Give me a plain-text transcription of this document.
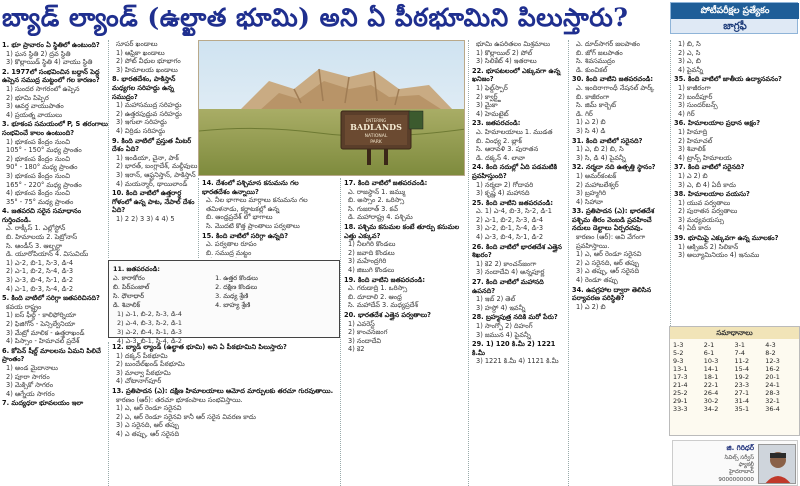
బ్యాడ్ ల్యాండ్ (ఉల్ఖాత భూమి) అని ఏ పీఠభూమిని పిలుస్తారు?	పోటీపరీక్షల ప్రత్యేకం
జాగ్రఫీ
1. భూ ప్రావారం ఏ స్థితిలో ఉంటుంది?
1) ఘన స్థితి 2) ద్రవ స్థితి
3) కొల్లాయిడ్ స్థితి 4) వాయు స్థితి
2. 1977లో సంభవించిన బద్దాన్ పెద్ద ఉప్పెన సముద్ర మట్టంలో గల కారణం?
1) సుందర సాగరంలో ఉప్పెన
2) భూమి పిప్పెర
3) ఆవర్త వాయుపాతం
4) ప్రయత్న వాయులు
3. భూకంప సమయంలో P, S తరంగాలు సంభవించే కాలం ఉంటుంది?
1) భూకంప కేంద్రం నుంచి
105° - 150° మధ్య ప్రాంతం
2) భూకంప కేంద్రం నుంచి
90° - 180° మధ్య ప్రాంతం
3) భూకంప కేంద్రం నుంచి
165° - 220° మధ్య ప్రాంతం
4) భూకంప కేంద్రం నుంచి
35° - 75° మధ్య ప్రాంతం
4. జతపరచి సరైన సమాధానం గుర్తించండి.
ఎ. రాక్కీస్ 1. ఎల్లోస్టోన్
బి. హిమాలయ 2. పెట్రోనాస్
సి. ఆండీస్ 3. ఆల్బర్టా
డి. యూరోపియాన్ 4. విసువియ్
1) ఎ-2, బి-1, సి-3, డి-4
2) ఎ-1, బి-2, సి-4, డి-3
3) ఎ-3, బి-4, సి-1, డి-2
4) ఎ-1, బి-3, సి-4, డి-2
5. కింది వాటిలో సరిగ్గా జతపరిచినది?
కవయ రాష్ట్రం
1) ఐస్ ఫీల్డ్ - కాలిఫోర్నియా
2) ఫిజిగోన్ - పెన్సిల్వేనియా
3) మేట్రో మాలిక - ఉత్తరాఖండ్
4) పిస్సాం - హిమాచల్ ప్రదేశ్
6. కోపెన్ షీల్డ్ మాలలను ఏమని పిలిచే ప్రాంతం?
1) అండ మైదానాలు
2) పూరా సాగరం
3) మెక్సికో సాగరం
4) ఆగ్నేయ సాగరం
7. మద్యధరా భూవలయం ఇలా
సూపర్ ఖండాలు
1) ఆఫ్రికా ఖండాలు
2) పోట్ వీధుల భూభాగం
3) హిమాలయ ఖండాలు
8. భారతదేశం, పాకిస్తాన్ మధ్యగల సరిహద్దు ఉన్న సముద్రం?
1) మహాసముద్ర సరిహద్దు
2) ఉత్తరపుధ్రువ సరిహద్దు
3) ఇగులా సరిహద్దు
4) విర్రిడు సరిహద్దు
9. కింది వాటిలో ప్రస్తుత మీటర్ దేశం ఏది?
1) ఇండియా, చైనా, పాక్
2) భారత్, బంగ్లాదేశ్, మల్దీవులు
3) ఇరాన్, ఆఫ్ఘనిస్తాన్, పాకిస్తాన్
4) మయన్మార్, థాయిలాండ్
10. కింది వాటిలో ఉత్తరార్ధ గోళంలో ఉన్న పాట, నేపాల్ దేశం ఏది?
1) 2 2) 3 3) 4 4) 5
12. బ్యాడ్ ల్యాండ్ (ఉల్ఖాత భూమి) అని ఏ పీఠభూమిని పిలుస్తారు?
1) దక్కన్ పీఠభూమి
2) బుందేల్‌ఖండ్ పీఠభూమి
3) మాల్వా పీఠభూమి
4) చోటానాగ్‌పూర్
13. ప్రతిపాదన (ఎ): దక్షిణ హిమాలయాలు ఆమోద మార్పులకు తరచూ గురవుతాయి.
కారణం (ఆర్): తరచూ భూకంపాలు సంభవిస్తాయి.
1) ఎ, ఆర్ రెండూ సరైనవి
2) ఎ, ఆర్ రెండూ సరైనవి కానీ ఆర్ సరైన వివరణ కాదు
3) ఎ సరైనది, ఆర్ తప్పు
4) ఎ తప్పు, ఆర్ సరైనది
ENTERING
BADLANDS
NATIONAL
PARK
14. దేశంలో పశ్చిమాన కనుమను గల భారతదేశం ఉన్నాయి?
ఎ. నీల భాగాలు మార్గాలు కనుమను గల
తమిళనాడు, కర్ణాటకల్లో ఉన్న
బి. ఆంధ్రప్రదేశ్ లో భాగాలు
సి. మొదటి కొత్త ప్రాంతాలు పర్వతాలు
15. కింది వాటిలో సరిగ్గా ఉన్నది?
ఎ. పర్వతాల రూపం
బి. సముద్ర మట్టం
17. కింది వాటిలో జతపరచండి:
ఎ. రాజస్థాన్ 1. జమ్ము
బి. అస్సాం 2. ఒరిస్సా
సి. గుజరాత్ 3. కచ్
డి. మహారాష్ట్ర 4. పశ్చిమ
18. పశ్చిమ కనుమల కంటే తూర్పు కనుమల ఎత్తు ఎక్కువ?
1) నీలగిరి కొండలు
2) జవాది కొండలు
3) మహేంద్రగిరి
4) జిబుగి కొండలు
19. కింది వాటిని జతపరచండి:
ఎ. గరుడాద్రి 1. ఒరిస్సా
బి. దూదాలి 2. ఆంధ్ర
సి. మహాదేవ్ 3. మధ్యప్రదేశ్
20. భారతదేశ ఎత్తైన పర్వతాలు?
1) ఎవరెస్ట్
2) కాంచనజంగ
3) నందాదేవి
4) కె2
11. జతపరచండి:
ఎ. కారాకోరం	1. ఉత్తర కొండలు
బి. పిర్‌పంజాల్	2. దక్షిణ కొండలు
సి. ధౌలాధార్	3. మధ్య శ్రేణి
డి. శివాలిక్	4. బాహ్య శ్రేణి
1) ఎ-1, బి-2, సి-3, డి-4
2) ఎ-4, బి-3, సి-2, డి-1
3) ఎ-2, బి-4, సి-1, డి-3
4) ఎ-3, బి-1, సి-4, డి-2
భూమి ఉపరితలం మిశ్రమాలు
1) కొల్లాయిల్ 2) పోల్
3) సిలికేట్ 4) ఇతరాలు
22. భూపటలంలో ఎక్కువగా ఉన్న ఖనిజం?
1) ఫెల్డ్‌స్పార్
2) క్వార్ట్జ్
3) మైకా
4) హెమటైట్
23. జతపరచండి:
ఎ. హిమాలయాలు 1. ముడత
బి. వింధ్య 2. బ్లాక్
సి. ఆరావళి 3. పురాతన
డి. దక్కన్ 4. లావా
24. కింది నదుల్లో ఏది పడమటికి ప్రవహిస్తుంది?
1) నర్మదా 2) గోదావరి
3) కృష్ణ 4) మహానది
25. కింది వాటిని జతపరచండి:
ఎ. 1) ఎ-4, బి-3, సి-2, డి-1
2) ఎ-1, బి-2, సి-3, డి-4
3) ఎ-2, బి-1, సి-4, డి-3
4) ఎ-3, బి-4, సి-1, డి-2
26. కింది వాటిలో భారతదేశ ఎత్తైన శిఖరం?
1) కె2 2) కాంచన్‌జంగా
3) నందాదేవి 4) అన్నపూర్ణ
27. కింది వాటిలో మహానది ఉపనది?
1) ఇబ్ 2) తెల్
3) హస్దో 4) ఇవన్నీ
28. బ్రహ్మపుత్ర నదికి మరో పేరు?
1) సాంగ్పో 2) దిహంగ్
3) జమున 4) పైవన్నీ
29. 1) 120 కి.మీ 2) 1221 కి.మీ
3) 1221 కి.మీ 4) 1121 కి.మీ
ఎ. దూద్‌సాగర్ జలపాతం
బి. జోగ్ జలపాతం
సి. శివసముద్రం
డి. కుంచికల్
30. కింది వాటిని జతపరచండి:
ఎ. ఇందిరాగాంధీ నేషనల్ పార్క్
బి. కాజీరంగా
సి. జిమ్ కార్బెట్
డి. గిర్
1) ఎ 2) బి
3) సి 4) డి
31. కింది వాటిలో సరైనది?
1) ఎ, బి 2) బి, సి
3) సి, డి 4) పైవన్నీ
32. నర్మదా నది ఉత్పత్తి స్థానం?
1) అమర్‌కంటక్
2) మహాబలేశ్వర్
3) బ్రహ్మగిరి
4) సిహావా
33. ప్రతిపాదన (ఎ): భారతదేశ పశ్చిమ తీరం వెంబడి ప్రవహించే నదులు డెల్టాలు ఏర్పరచవు.
కారణం (ఆర్): అవి వేగంగా ప్రవహిస్తాయి.
1) ఎ, ఆర్ రెండూ సరైనవి
2) ఎ సరైనది, ఆర్ తప్పు
3) ఎ తప్పు, ఆర్ సరైనది
4) రెండూ తప్పు
34. ఉపగ్రహాల ద్వారా తెలిసిన పర్యావరణ పరిస్థితి?
1) ఎ 2) బి
1) బి, సి
2) ఎ, సి
3) ఎ, బి
4) పైవన్నీ
35. కింది వాటిలో జాతీయ ఉద్యానవనం?
1) కాజీరంగా
2) బందీపూర్
3) సుందర్‌బన్స్
4) గిర్
36. హిమాలయాల ప్రధాన అక్షం?
1) హిమాద్రి
2) హిమాచల్
3) శివాలిక్
4) ట్రాన్స్ హిమాలయ
37. కింది వాటిలో సరైనది?
1) ఎ 2) బి
3) ఎ, బి 4) ఏదీ కాదు
38. హిమాలయాల వయసు?
1) యువ పర్వతాలు
2) పురాతన పర్వతాలు
3) మధ్యవయస్సు
4) ఏదీ కాదు
39. భూమిపై ఎక్కువగా ఉన్న మూలకం?
1) ఆక్సిజన్ 2) సిలికాన్
3) అల్యూమినియం 4) ఇనుము
సమాధానాలు
1-3	2-1	3-1	4-3
5-2	6-1	7-4	8-2
9-3	10-3	11-2	12-3
13-1	14-1	15-4	16-2
17-3	18-1	19-2	20-1
21-4	22-1	23-3	24-1
25-2	26-4	27-1	28-3
29-1	30-2	31-4	32-1
33-3	34-2	35-1	36-4
జి. గిరిధర్
సివిల్స్ సర్వీస్
ఫ్యాకల్టీ
హైదరాబాద్
9000000000
